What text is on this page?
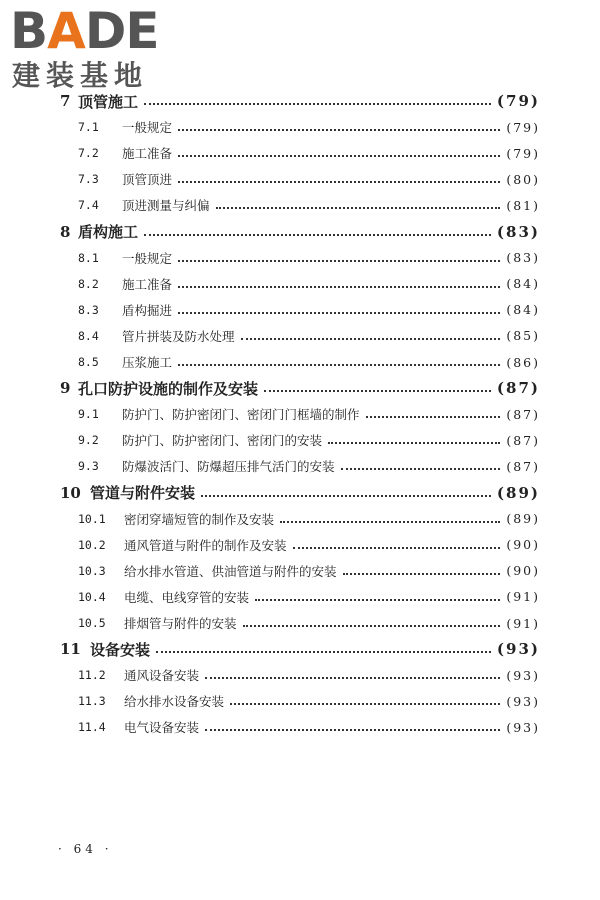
BADE
建装基地
7 顶管施工	(79)
7.1	一般规定	(79)
7.2	施工准备	(79)
7.3	顶管顶进	(80)
7.4	顶进测量与纠偏	(81)
8 盾构施工	(83)
8.1	一般规定	(83)
8.2	施工准备	(84)
8.3	盾构掘进	(84)
8.4	管片拼装及防水处理	(85)
8.5	压浆施工	(86)
9 孔口防护设施的制作及安装	(87)
9.1	防护门、防护密闭门、密闭门门框墙的制作	(87)
9.2	防护门、防护密闭门、密闭门的安装	(87)
9.3	防爆波活门、防爆超压排气活门的安装	(87)
10 管道与附件安装	(89)
10.1	密闭穿墙短管的制作及安装	(89)
10.2	通风管道与附件的制作及安装	(90)
10.3	给水排水管道、供油管道与附件的安装	(90)
10.4	电缆、电线穿管的安装	(91)
10.5	排烟管与附件的安装	(91)
11 设备安装	(93)
11.2	通风设备安装	(93)
11.3	给水排水设备安装	(93)
11.4	电气设备安装	(93)
· 64 ·
